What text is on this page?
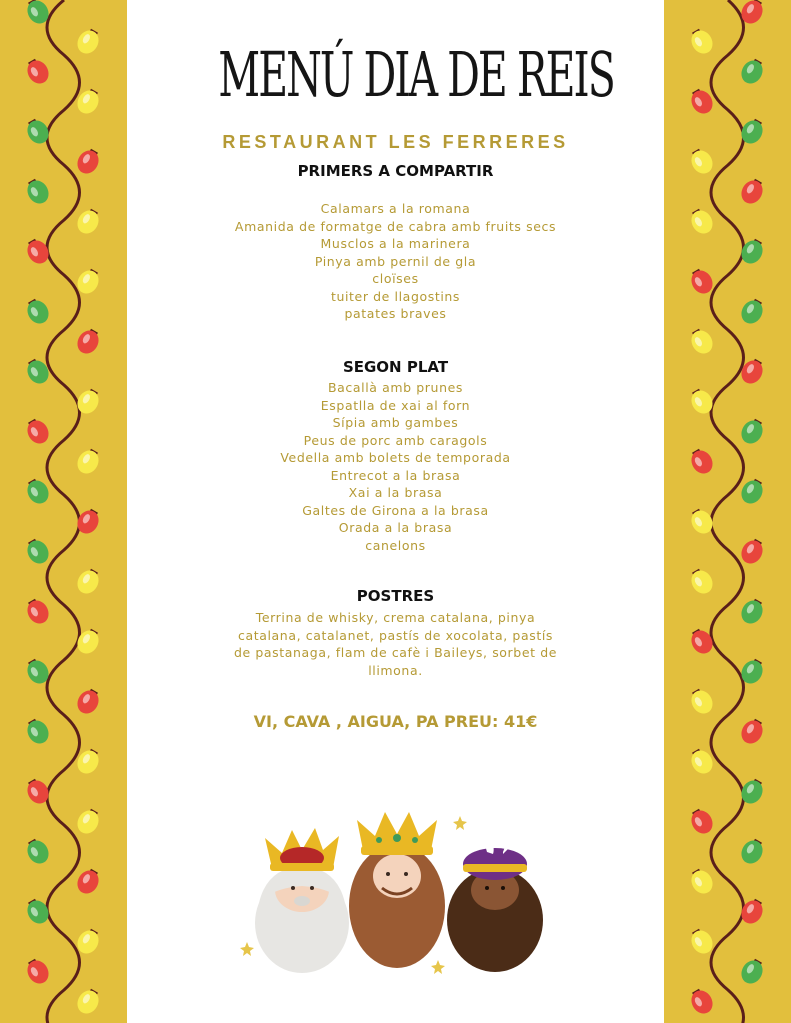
MENÚ DIA DE REIS
RESTAURANT LES FERRERES
PRIMERS A COMPARTIR
Calamars a la romana
Amanida de formatge de cabra amb fruits secs
Musclos a la marinera
Pinya amb pernil de gla
cloïses
tuiter de llagostins
patates braves
SEGON PLAT
Bacallà amb prunes
Espatlla de xai al forn
Sípia amb gambes
Peus de porc amb caragols
Vedella amb bolets de temporada
Entrecot a la brasa
Xai a la brasa
Galtes de Girona a la brasa
Orada a la brasa
canelons
POSTRES
Terrina de whisky, crema catalana, pinya catalana, catalanet, pastís de xocolata, pastís de pastanaga, flam de cafè i Baileys, sorbet de llimona.
VI, CAVA , AIGUA, PA PREU: 41€
